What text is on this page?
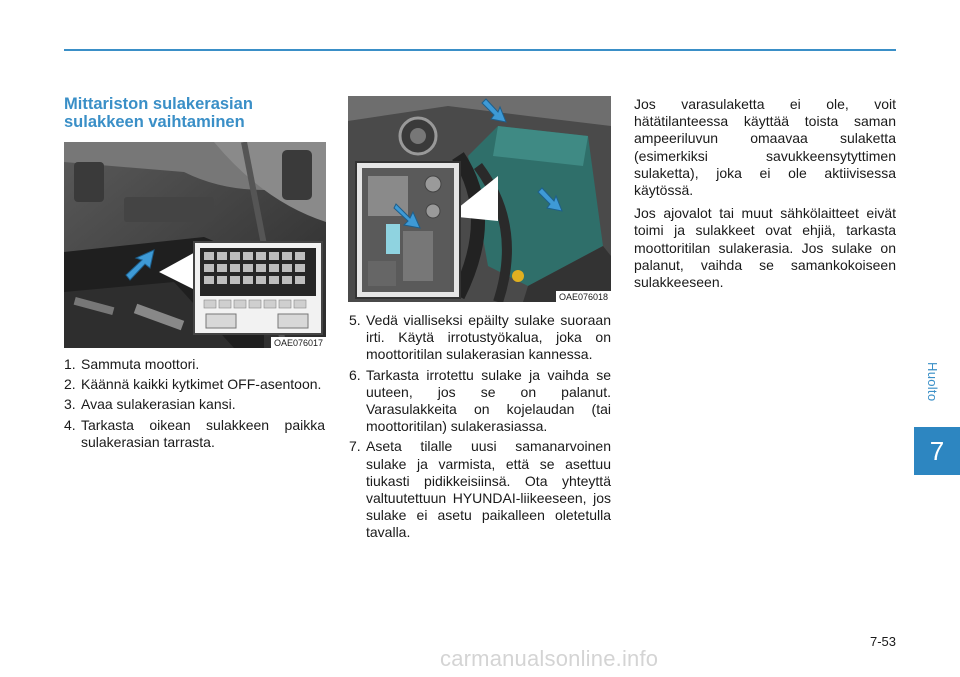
Huolto
7
Mittariston sulakerasian sulakkeen vaihtaminen
OAE076017
OAE076018
1. Sammuta moottori.
2. Käännä kaikki kytkimet OFF-asentoon.
3. Avaa sulakerasian kansi.
4. Tarkasta oikean sulakkeen paikka sulakerasian tarrasta.
5. Vedä vialliseksi epäilty sulake suoraan irti. Käytä irrotustyökalua, joka on moottoritilan sulakerasian kannessa.
6. Tarkasta irrotettu sulake ja vaihda se uuteen, jos se on palanut. Varasulakkeita on kojelaudan (tai moottoritilan) sulakerasiassa.
7. Aseta tilalle uusi samanarvoinen sulake ja varmista, että se asettuu tiukasti pidikkeisiinsä. Ota yhteyttä valtuutettuun HYUNDAI-liikeeseen, jos sulake ei asetu paikalleen oletetulla tavalla.

Jos varasulaketta ei ole, voit hätätilanteessa käyttää toista saman ampeeriluvun omaavaa sulaketta (esimerkiksi savukkeensytyttimen sulaketta), joka ei ole aktiivisessa käytössä.

Jos ajovalot tai muut sähkölaitteet eivät toimi ja sulakkeet ovat ehjiä, tarkasta moottoritilan sulakerasia. Jos sulake on palanut, vaihda se samankokoiseen sulakkeeseen.

7-53
carmanualsonline.info
